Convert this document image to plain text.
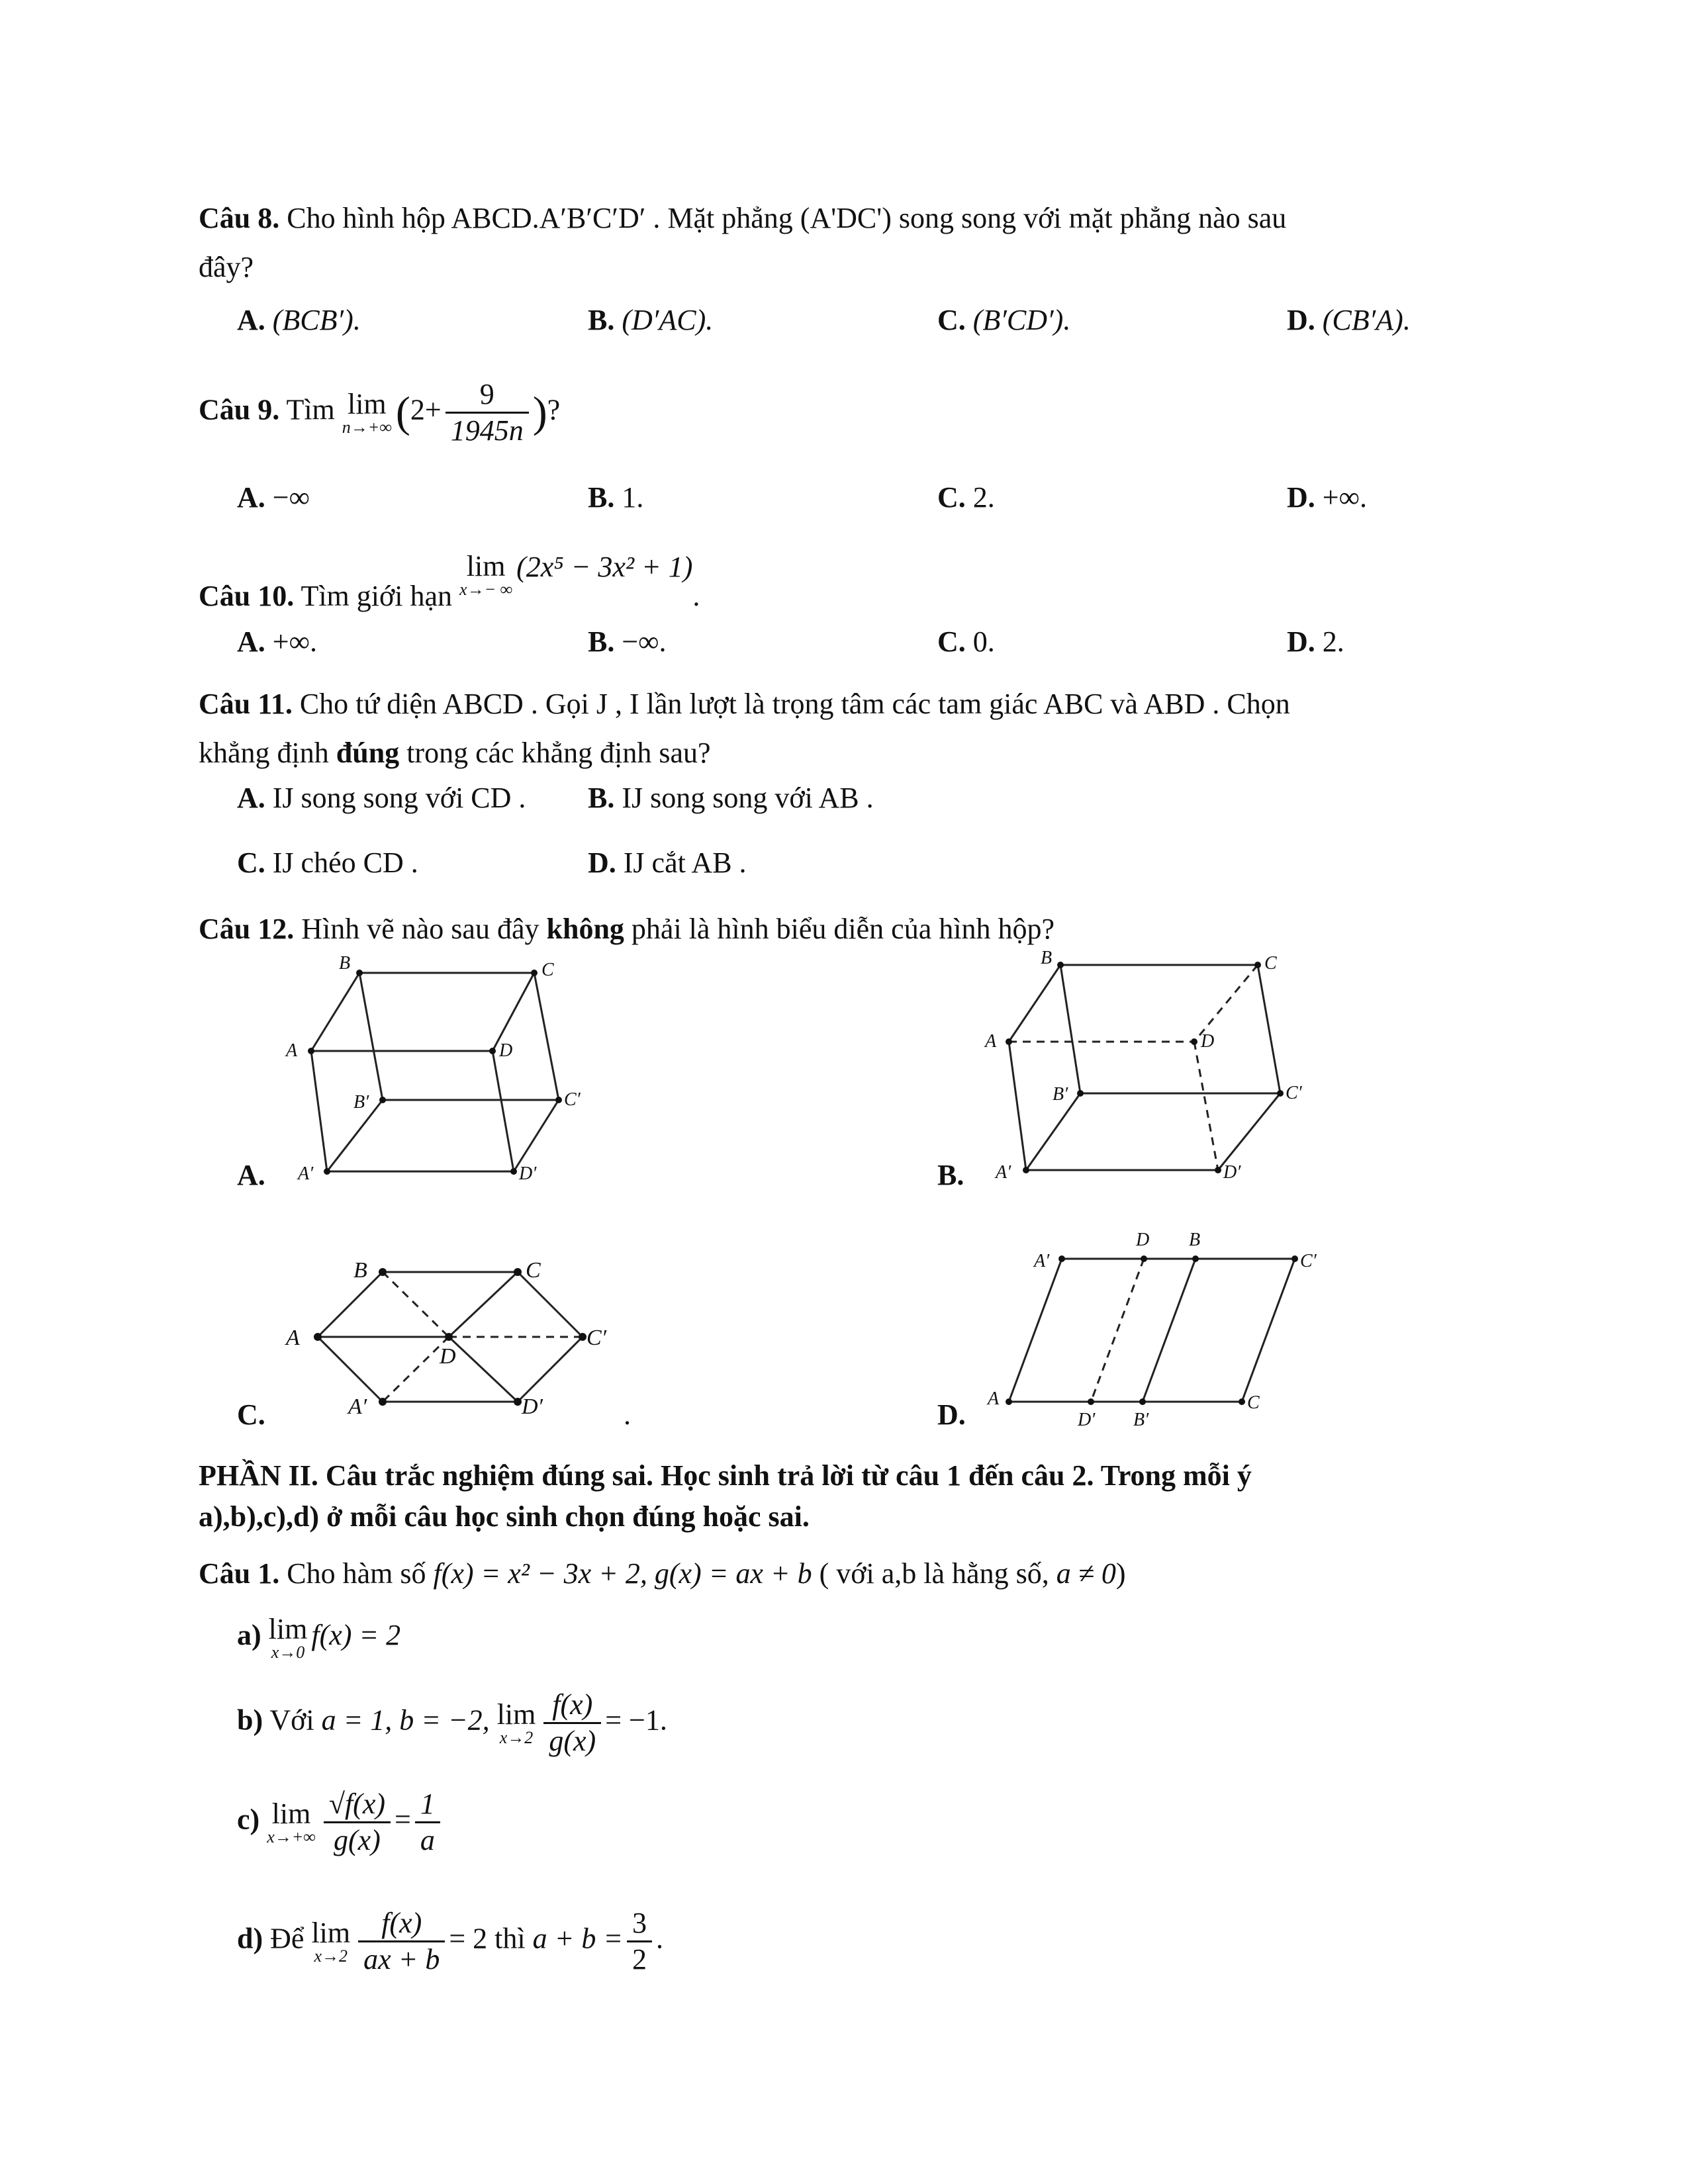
Câu 8. Cho hình hộp ABCD.A′B′C′D′ . Mặt phẳng (A'DC') song song với mặt phẳng nào sau
đây?
A. (BCB′).	B. (D′AC).	C. (B′CD′).	D. (CB′A).
Câu 9. Tìm lim
n→+∞ ($2+ \frac{9}{1945n}$ )?
A. −∞	B. 1.	C. 2.	D. +∞.
Câu 10. Tìm giới hạn
lim
x→− ∞
(2x⁵ − 3x² + 1).
A. +∞.	B. −∞.	C. 0.	D. 2.
Câu 11. Cho tứ diện ABCD . Gọi J , I lần lượt là trọng tâm các tam giác ABC và ABD . Chọn
khẳng định đúng trong các khẳng định sau?
A. IJ song song với CD . B. IJ song song với AB .
C. IJ chéo CD .	D. IJ cắt AB .
Câu 12. Hình vẽ nào sau đây không phải là hình biểu diễn của hình hộp?
B	C
A	D
B′	C′
A′	D′
A.
B	C
A	D
B′	C′
A′	D′
B.
B	C
A
D
C′
A′	D′
C.	.
A′
D B
C′
A
D′ B′
C
D.
PHẦN II. Câu trắc nghiệm đúng sai. Học sinh trả lời từ câu 1 đến câu 2. Trong mỗi ý
a),b),c),d) ở mỗi câu học sinh chọn đúng hoặc sai.
Câu 1. Cho hàm số f(x) = x² − 3x + 2, g(x) = ax + b ( với a,b là hằng số, a ≠ 0)
a) lim
x→0
f(x) = 2
b) Với a = 1, b = −2, lim
$x\to 2 \frac{f(x)}{g(x)} = -1$.
c) lim
$x\to+\infty \frac{√f(x)}{g(x)} = \frac{1}{a}$
d) Để lim
$x\to 2 \frac{f(x)}{ax + b} = 2$ thì $a + b = \frac{3}{2}$ .
